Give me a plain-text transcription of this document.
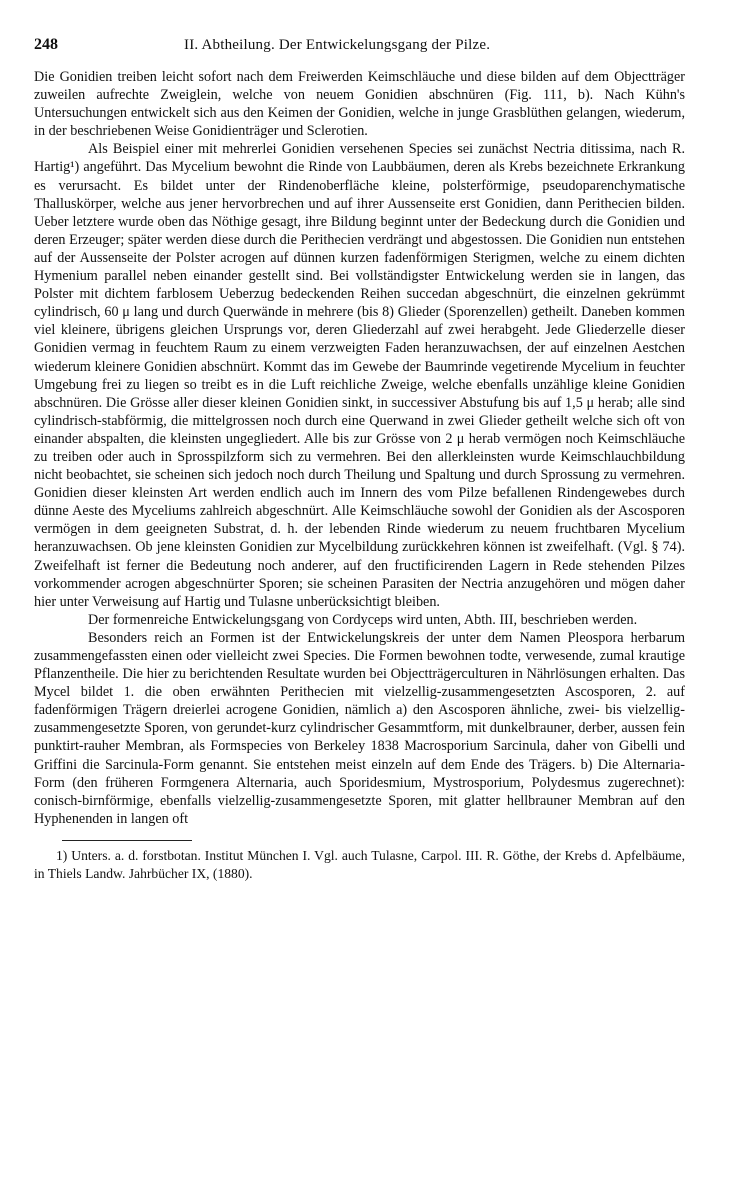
248	II. Abtheilung. Der Entwickelungsgang der Pilze.

Die Gonidien treiben leicht sofort nach dem Freiwerden Keimschläuche und diese bilden auf dem Objectträger zuweilen aufrechte Zweiglein, welche von neuem Gonidien abschnüren (Fig. 111, b). Nach Kühn's Untersuchungen entwickelt sich aus den Keimen der Gonidien, welche in junge Grasblüthen gelangen, wiederum, in der beschriebenen Weise Gonidienträger und Sclerotien.

Als Beispiel einer mit mehrerlei Gonidien versehenen Species sei zunächst Nectria ditissima, nach R. Hartig¹) angeführt. Das Mycelium bewohnt die Rinde von Laubbäumen, deren als Krebs bezeichnete Erkrankung es verursacht. Es bildet unter der Rindenoberfläche kleine, polsterförmige, pseudoparenchymatische Thalluskörper, welche aus jener hervorbrechen und auf ihrer Aussenseite erst Gonidien, dann Perithecien bilden. Ueber letztere wurde oben das Nöthige gesagt, ihre Bildung beginnt unter der Bedeckung durch die Gonidien und deren Erzeuger; später werden diese durch die Perithecien verdrängt und abgestossen. Die Gonidien nun entstehen auf der Aussenseite der Polster acrogen auf dünnen kurzen fadenförmigen Sterigmen, welche zu einem dichten Hymenium parallel neben einander gestellt sind. Bei vollständigster Entwickelung werden sie in langen, das Polster mit dichtem farblosem Ueberzug bedeckenden Reihen succedan abgeschnürt, die einzelnen gekrümmt cylindrisch, 60 μ lang und durch Querwände in mehrere (bis 8) Glieder (Sporenzellen) getheilt. Daneben kommen viel kleinere, übrigens gleichen Ursprungs vor, deren Gliederzahl auf zwei herabgeht. Jede Gliederzelle dieser Gonidien vermag in feuchtem Raum zu einem verzweigten Faden heranzuwachsen, der auf einzelnen Aestchen wiederum kleinere Gonidien abschnürt. Kommt das im Gewebe der Baumrinde vegetirende Mycelium in feuchter Umgebung frei zu liegen so treibt es in die Luft reichliche Zweige, welche ebenfalls unzählige kleine Gonidien abschnüren. Die Grösse aller dieser kleinen Gonidien sinkt, in successiver Abstufung bis auf 1,5 μ herab; alle sind cylindrisch-stabförmig, die mittelgrossen noch durch eine Querwand in zwei Glieder getheilt welche sich oft von einander abspalten, die kleinsten ungegliedert. Alle bis zur Grösse von 2 μ herab vermögen noch Keimschläuche zu treiben oder auch in Sprosspilzform sich zu vermehren. Bei den allerkleinsten wurde Keimschlauchbildung nicht beobachtet, sie scheinen sich jedoch noch durch Theilung und Spaltung und durch Sprossung zu vermehren. Gonidien dieser kleinsten Art werden endlich auch im Innern des vom Pilze befallenen Rindengewebes durch dünne Aeste des Myceliums zahlreich abgeschnürt. Alle Keimschläuche sowohl der Gonidien als der Ascosporen vermögen in dem geeigneten Substrat, d. h. der lebenden Rinde wiederum zu neuem fruchtbaren Mycelium heranzuwachsen. Ob jene kleinsten Gonidien zur Mycelbildung zurückkehren können ist zweifelhaft. (Vgl. § 74). Zweifelhaft ist ferner die Bedeutung noch anderer, auf den fructificirenden Lagern in Rede stehenden Pilzes vorkommender acrogen abgeschnürter Sporen; sie scheinen Parasiten der Nectria anzugehören und mögen daher hier unter Verweisung auf Hartig und Tulasne unberücksichtigt bleiben.

Der formenreiche Entwickelungsgang von Cordyceps wird unten, Abth. III, beschrieben werden.

Besonders reich an Formen ist der Entwickelungskreis der unter dem Namen Pleospora herbarum zusammengefassten einen oder vielleicht zwei Species. Die Formen bewohnen todte, verwesende, zumal krautige Pflanzentheile. Die hier zu berichtenden Resultate wurden bei Objectträgerculturen in Nährlösungen erhalten. Das Mycel bildet 1. die oben erwähnten Perithecien mit vielzellig-zusammengesetzten Ascosporen, 2. auf fadenförmigen Trägern dreierlei acrogene Gonidien, nämlich a) den Ascosporen ähnliche, zwei- bis vielzellig-zusammengesetzte Sporen, von gerundet-kurz cylindrischer Gesammtform, mit dunkelbrauner, derber, aussen fein punktirt-rauher Membran, als Formspecies von Berkeley 1838 Macrosporium Sarcinula, daher von Gibelli und Griffini die Sarcinula-Form genannt. Sie entstehen meist einzeln auf dem Ende des Trägers. b) Die Alternaria-Form (den früheren Formgenera Alternaria, auch Sporidesmium, Mystrosporium, Polydesmus zugerechnet): conisch-birnförmige, ebenfalls vielzellig-zusammengesetzte Sporen, mit glatter hellbrauner Membran auf den Hyphenenden in langen oft

1) Unters. a. d. forstbotan. Institut München I. Vgl. auch Tulasne, Carpol. III. R. Göthe, der Krebs d. Apfelbäume, in Thiels Landw. Jahrbücher IX, (1880).
